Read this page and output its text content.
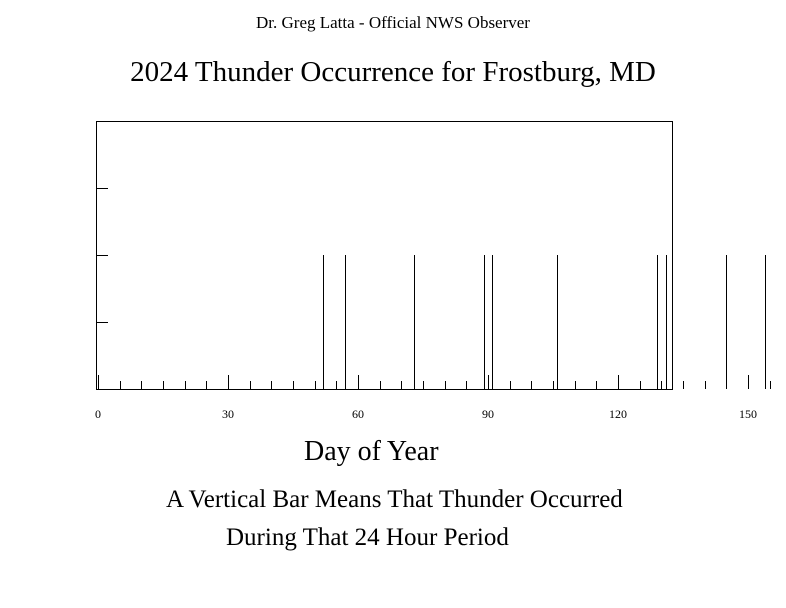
Dr. Greg Latta - Official NWS Observer
2024 Thunder Occurrence for Frostburg, MD
0	30	60	90	120	150
Day of Year
A Vertical Bar Means That Thunder Occurred
During That 24 Hour Period
